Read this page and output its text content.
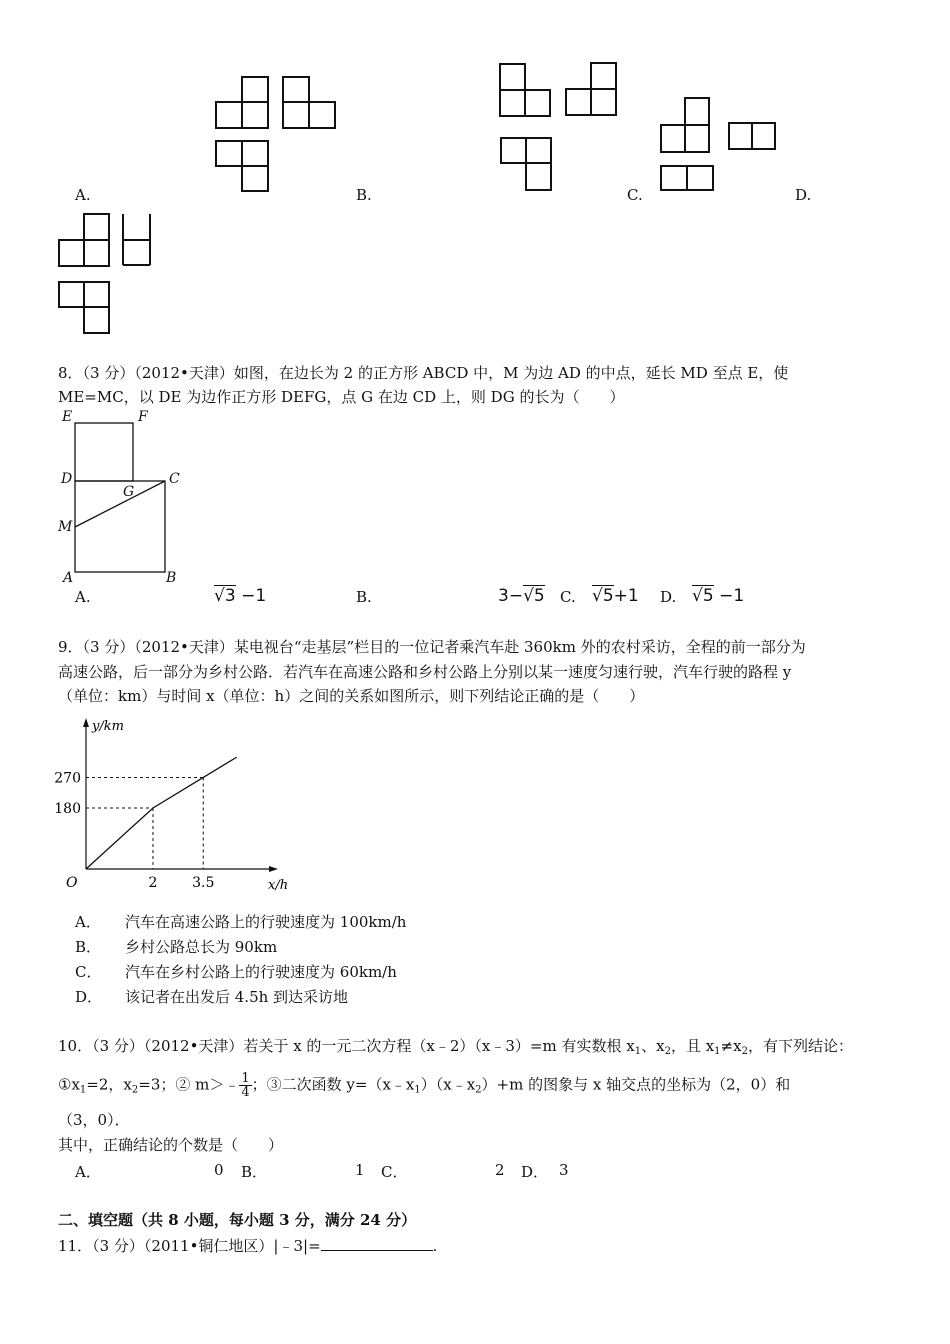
A.	B.	C.	D.
8．（3 分）（2012•天津）如图，在边长为 2 的正方形 ABCD 中，M 为边 AD 的中点，延长 MD 至点 E，使
ME=MC，以 DE 为边作正方形 DEFG，点 G 在边 CD 上，则 DG 的长为（　　）
E	F
D	C
G
M
A	B
A.	√3 −1	B.	3−√5 C. √5+1 D. √5 −1
9．（3 分）（2012•天津）某电视台“走基层”栏目的一位记者乘汽车赴 360km 外的农村采访，全程的前一部分为
高速公路，后一部分为乡村公路．若汽车在高速公路和乡村公路上分别以某一速度匀速行驶，汽车行驶的路程 y
（单位：km）与时间 x（单位：h）之间的关系如图所示，则下列结论正确的是（　　）
2 3.5
180
270
O	x/h
y/km
A． 汽车在高速公路上的行驶速度为 100km/h
B． 乡村公路总长为 90km
C． 汽车在乡村公路上的行驶速度为 60km/h
D． 该记者在出发后 4.5h 到达采访地
10．（3 分）（2012•天津）若关于 x 的一元二次方程（x﹣2）（x﹣3）=m 有实数根 $x_1$、$x_2$，且 $x_1\ne x_2$，有下列结论：
$①x_1=2$，$x_2=3$；② m＞﹣ $\frac{1}{4}$ ；③二次函数 $y=(x﹣x_1)(x﹣x_2)+m$ 的图象与 x 轴交点的坐标为（2，0）和
（3，0）．
其中，正确结论的个数是（　　）
A．	0 B．	1 C．	2 D． 3
二、填空题（共 8 小题，每小题 3 分，满分 24 分）
11．（3 分）（2011•铜仁地区）|﹣3|=	.
